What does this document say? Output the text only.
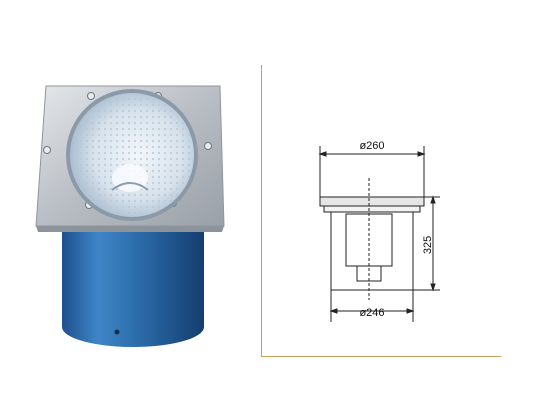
ø260
ø246
325
